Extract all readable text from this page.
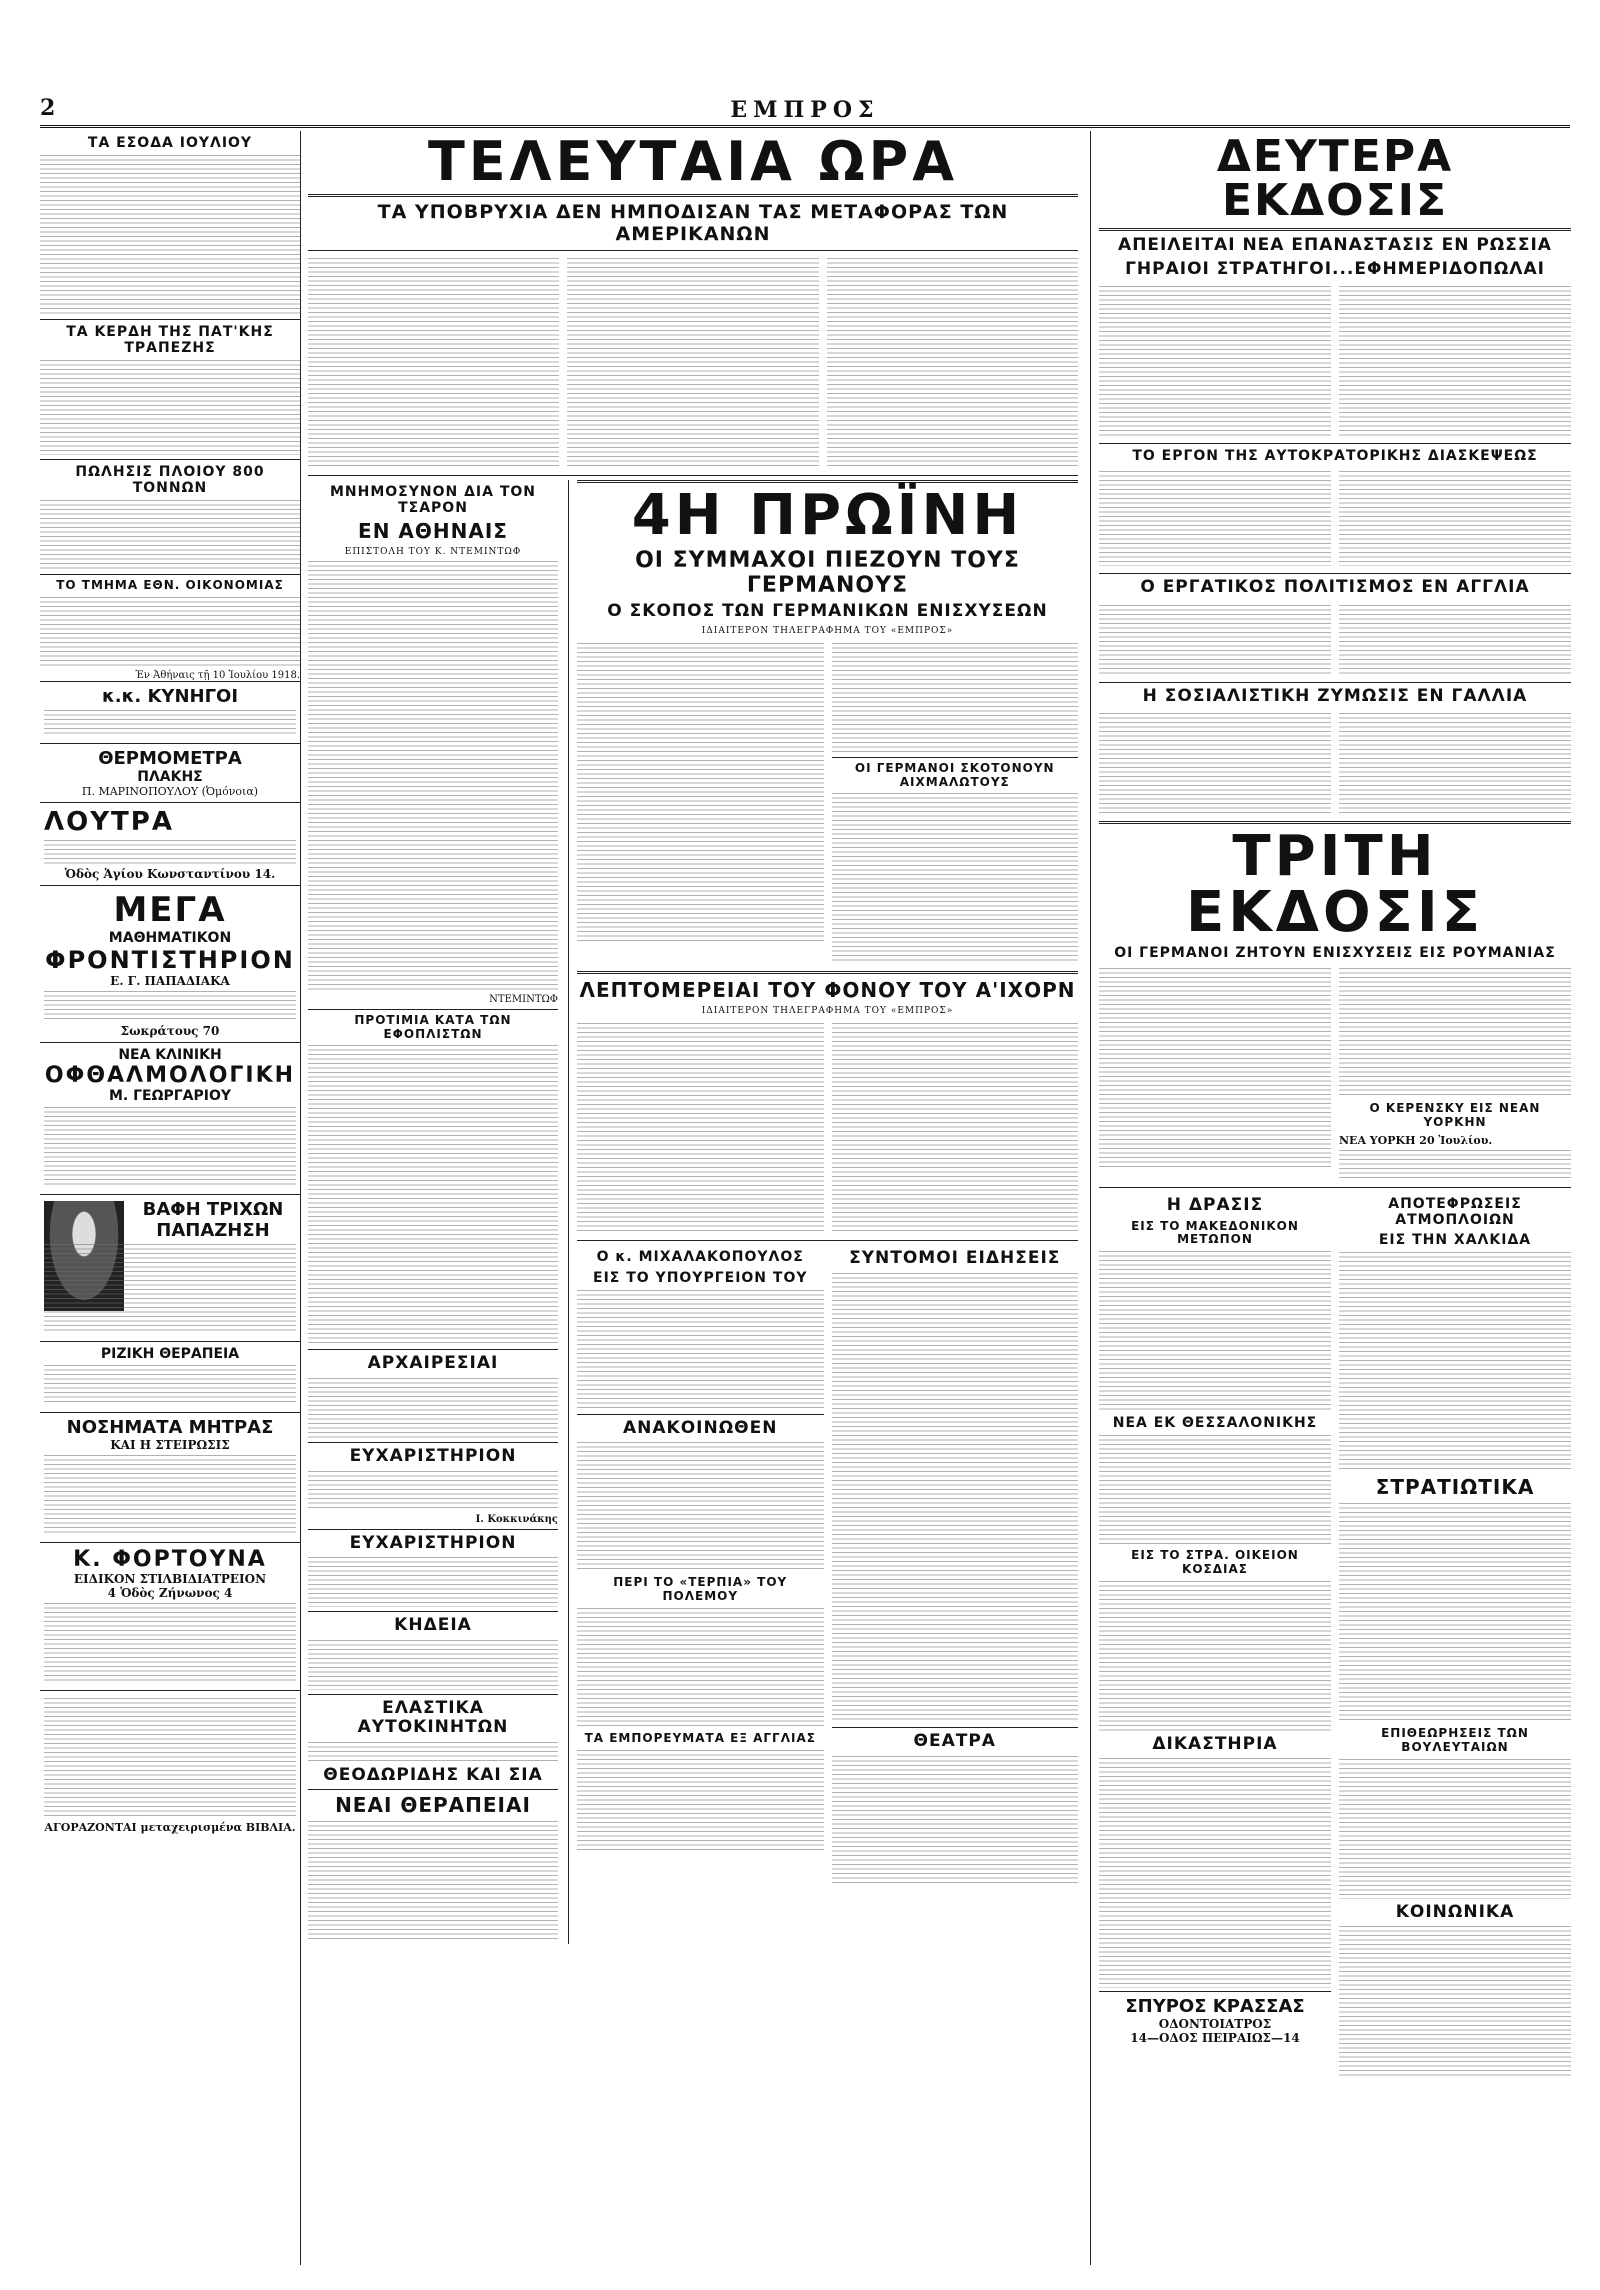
2	ΕΜΠΡΟΣ
ΤΑ ΕΣΟΔΑ ΙΟΥΛΙΟΥ
ΤΑ ΚΕΡΔΗ ΤΗΣ ΠΑΤ'ΚΗΣ ΤΡΑΠΕΖΗΣ
ΠΩΛΗΣΙΣ ΠΛΟΙΟΥ 800 ΤΟΝΝΩΝ
ΤΟ ΤΜΗΜΑ ΕΘΝ. ΟΙΚΟΝΟΜΙΑΣ
Ἐν Ἀθήναις τῇ 10 Ἰουλίου 1918.
κ.κ. ΚΥΝΗΓΟΙ
ΘΕΡΜΟΜΕΤΡΑ
ΠΛΑΚΗΣ
Π. ΜΑΡΙΝΟΠΟΥΛΟΥ (Ὀμόνοια)
ΛΟΥΤΡΑ
Ὁδὸς Ἁγίου Κωνσταντίνου 14.
ΜΕΓΑ
ΜΑΘΗΜΑΤΙΚΟΝ
ΦΡΟΝΤΙΣΤΗΡΙΟΝ
Ε. Γ. ΠΑΠΑΔΙΑΚΑ
Σωκράτους 70
ΝΕΑ ΚΛΙΝΙΚΗ
ΟΦΘΑΛΜΟΛΟΓΙΚΗ
Μ. ΓΕΩΡΓΑΡΙΟΥ
ΒΑΦΗ ΤΡΙΧΩΝ
ΠΑΠΑΖΗΣΗ
ΡΙΖΙΚΗ ΘΕΡΑΠΕΙΑ
ΝΟΣΗΜΑΤΑ ΜΗΤΡΑΣ
ΚΑΙ Η ΣΤΕΙΡΩΣΙΣ
Κ. ΦΟΡΤΟΥΝΑ
ΕΙΔΙΚΟΝ ΣΤΙΛΒΙΔΙΑΤΡΕΙΟΝ
4 Ὁδὸς Ζήνωνος 4
ΑΓΟΡΑΖΟΝΤΑΙ μεταχειρισμένα ΒΙΒΛΙΑ.
ΤΕΛΕΥΤΑΙΑ ΩΡΑ
ΤΑ ΥΠΟΒΡΥΧΙΑ ΔΕΝ ΗΜΠΟΔΙΣΑΝ ΤΑΣ ΜΕΤΑΦΟΡΑΣ ΤΩΝ ΑΜΕΡΙΚΑΝΩΝ
ΜΝΗΜΟΣΥΝΟΝ ΔΙΑ ΤΟΝ ΤΣΑΡΟΝ
ΕΝ ΑΘΗΝΑΙΣ
ΕΠΙΣΤΟΛΗ ΤΟΥ Κ. ΝΤΕΜΙΝΤΩΦ
ΝΤΕΜΙΝΤΩΦ
ΠΡΟΤΙΜΙΑ ΚΑΤΑ ΤΩΝ ΕΦΟΠΛΙΣΤΩΝ
ΑΡΧΑΙΡΕΣΙΑΙ
ΕΥΧΑΡΙΣΤΗΡΙΟΝ
Ι. Κοκκινάκης
ΕΥΧΑΡΙΣΤΗΡΙΟΝ
ΚΗΔΕΙΑ
ΕΛΑΣΤΙΚΑ ΑΥΤΟΚΙΝΗΤΩΝ
ΘΕΟΔΩΡΙΔΗΣ ΚΑΙ ΣΙΑ
ΝΕΑΙ ΘΕΡΑΠΕΙΑΙ
4Η ΠΡΩΪΝΗ
ΟΙ ΣΥΜΜΑΧΟΙ ΠΙΕΖΟΥΝ ΤΟΥΣ ΓΕΡΜΑΝΟΥΣ
Ο ΣΚΟΠΟΣ ΤΩΝ ΓΕΡΜΑΝΙΚΩΝ ΕΝΙΣΧΥΣΕΩΝ
ΙΔΙΑΙΤΕΡΟΝ ΤΗΛΕΓΡΑΦΗΜΑ ΤΟΥ «ΕΜΠΡΟΣ»
ΟΙ ΓΕΡΜΑΝΟΙ ΣΚΟΤΟΝΟΥΝ ΑΙΧΜΑΛΩΤΟΥΣ
ΛΕΠΤΟΜΕΡΕΙΑΙ ΤΟΥ ΦΟΝΟΥ ΤΟΥ Α'ΙΧΟΡΝ
ΙΔΙΑΙΤΕΡΟΝ ΤΗΛΕΓΡΑΦΗΜΑ ΤΟΥ «ΕΜΠΡΟΣ»
Ο κ. ΜΙΧΑΛΑΚΟΠΟΥΛΟΣ
ΕΙΣ ΤΟ ΥΠΟΥΡΓΕΙΟΝ ΤΟΥ
ΑΝΑΚΟΙΝΩΘΕΝ
ΠΕΡΙ ΤΟ «ΤΕΡΠΙΑ» ΤΟΥ ΠΟΛΕΜΟΥ
ΤΑ ΕΜΠΟΡΕΥΜΑΤΑ ΕΞ ΑΓΓΛΙΑΣ
ΣΥΝΤΟΜΟΙ ΕΙΔΗΣΕΙΣ
ΘΕΑΤΡΑ
ΔΕΥΤΕΡΑ ΕΚΔΟΣΙΣ
ΑΠΕΙΛΕΙΤΑΙ ΝΕΑ ΕΠΑΝΑΣΤΑΣΙΣ ΕΝ ΡΩΣΣΙΑ
ΓΗΡΑΙΟΙ ΣΤΡΑΤΗΓΟΙ...ΕΦΗΜΕΡΙΔΟΠΩΛΑΙ
ΤΟ ΕΡΓΟΝ ΤΗΣ ΑΥΤΟΚΡΑΤΟΡΙΚΗΣ ΔΙΑΣΚΕΨΕΩΣ
Ο ΕΡΓΑΤΙΚΟΣ ΠΟΛΙΤΙΣΜΟΣ ΕΝ ΑΓΓΛΙΑ
Η ΣΟΣΙΑΛΙΣΤΙΚΗ ΖΥΜΩΣΙΣ ΕΝ ΓΑΛΛΙΑ
ΤΡΙΤΗ ΕΚΔΟΣΙΣ
ΟΙ ΓΕΡΜΑΝΟΙ ΖΗΤΟΥΝ ΕΝΙΣΧΥΣΕΙΣ ΕΙΣ ΡΟΥΜΑΝΙΑΣ
Ο ΚΕΡΕΝΣΚΥ ΕΙΣ ΝΕΑΝ ΥΟΡΚΗΝ
ΝΕΑ ΥΟΡΚΗ 20 Ἰουλίου.
Η ΔΡΑΣΙΣ
ΕΙΣ ΤΟ ΜΑΚΕΔΟΝΙΚΟΝ ΜΕΤΩΠΟΝ
ΝΕΑ ΕΚ ΘΕΣΣΑΛΟΝΙΚΗΣ
ΕΙΣ ΤΟ ΣΤΡΑ. ΟΙΚΕΙΟΝ ΚΟΣΔΙΑΣ
ΔΙΚΑΣΤΗΡΙΑ
ΣΠΥΡΟΣ ΚΡΑΣΣΑΣ
ΟΔΟΝΤΟΙΑΤΡΟΣ
14—ΟΔΟΣ ΠΕΙΡΑΙΩΣ—14
ΑΠΟΤΕΦΡΩΣΕΙΣ ΑΤΜΟΠΛΟΙΩΝ
ΕΙΣ ΤΗΝ ΧΑΛΚΙΔΑ
ΣΤΡΑΤΙΩΤΙΚΑ
ΕΠΙΘΕΩΡΗΣΕΙΣ ΤΩΝ ΒΟΥΛΕΥΤΑΙΩΝ
ΚΟΙΝΩΝΙΚΑ
